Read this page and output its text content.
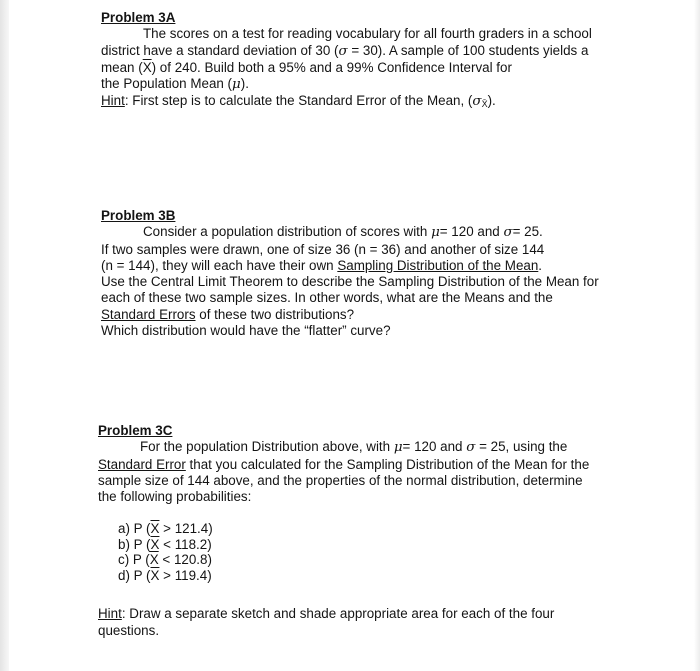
Problem 3A
The scores on a test for reading vocabulary for all fourth graders in a school
district have a standard deviation of 30 (σ = 30). A sample of 100 students yields a
mean $(\overline{X})$ of 240. Build both a 95% and a 99% Confidence Interval for
the Population Mean (μ).
Hint: First step is to calculate the Standard Error of the Mean, $(\sigma_{X̄})$.
Problem 3B
Consider a population distribution of scores with μ= 120 and σ= 25.
If two samples were drawn, one of size 36 (n = 36) and another of size 144
(n = 144), they will each have their own Sampling Distribution of the Mean.
Use the Central Limit Theorem to describe the Sampling Distribution of the Mean for
each of these two sample sizes. In other words, what are the Means and the
Standard Errors of these two distributions?
Which distribution would have the “flatter” curve?
Problem 3C
For the population Distribution above, with μ= 120 and σ = 25, using the
Standard Error that you calculated for the Sampling Distribution of the Mean for the
sample size of 144 above, and the properties of the normal distribution, determine
the following probabilities:
a) P $(\overline{X} > 121.4)$
b) P $(\overline{X} < 118.2)$
c) P $(\overline{X} < 120.8)$
d) P $(\overline{X} > 119.4)$
Hint: Draw a separate sketch and shade appropriate area for each of the four
questions.
